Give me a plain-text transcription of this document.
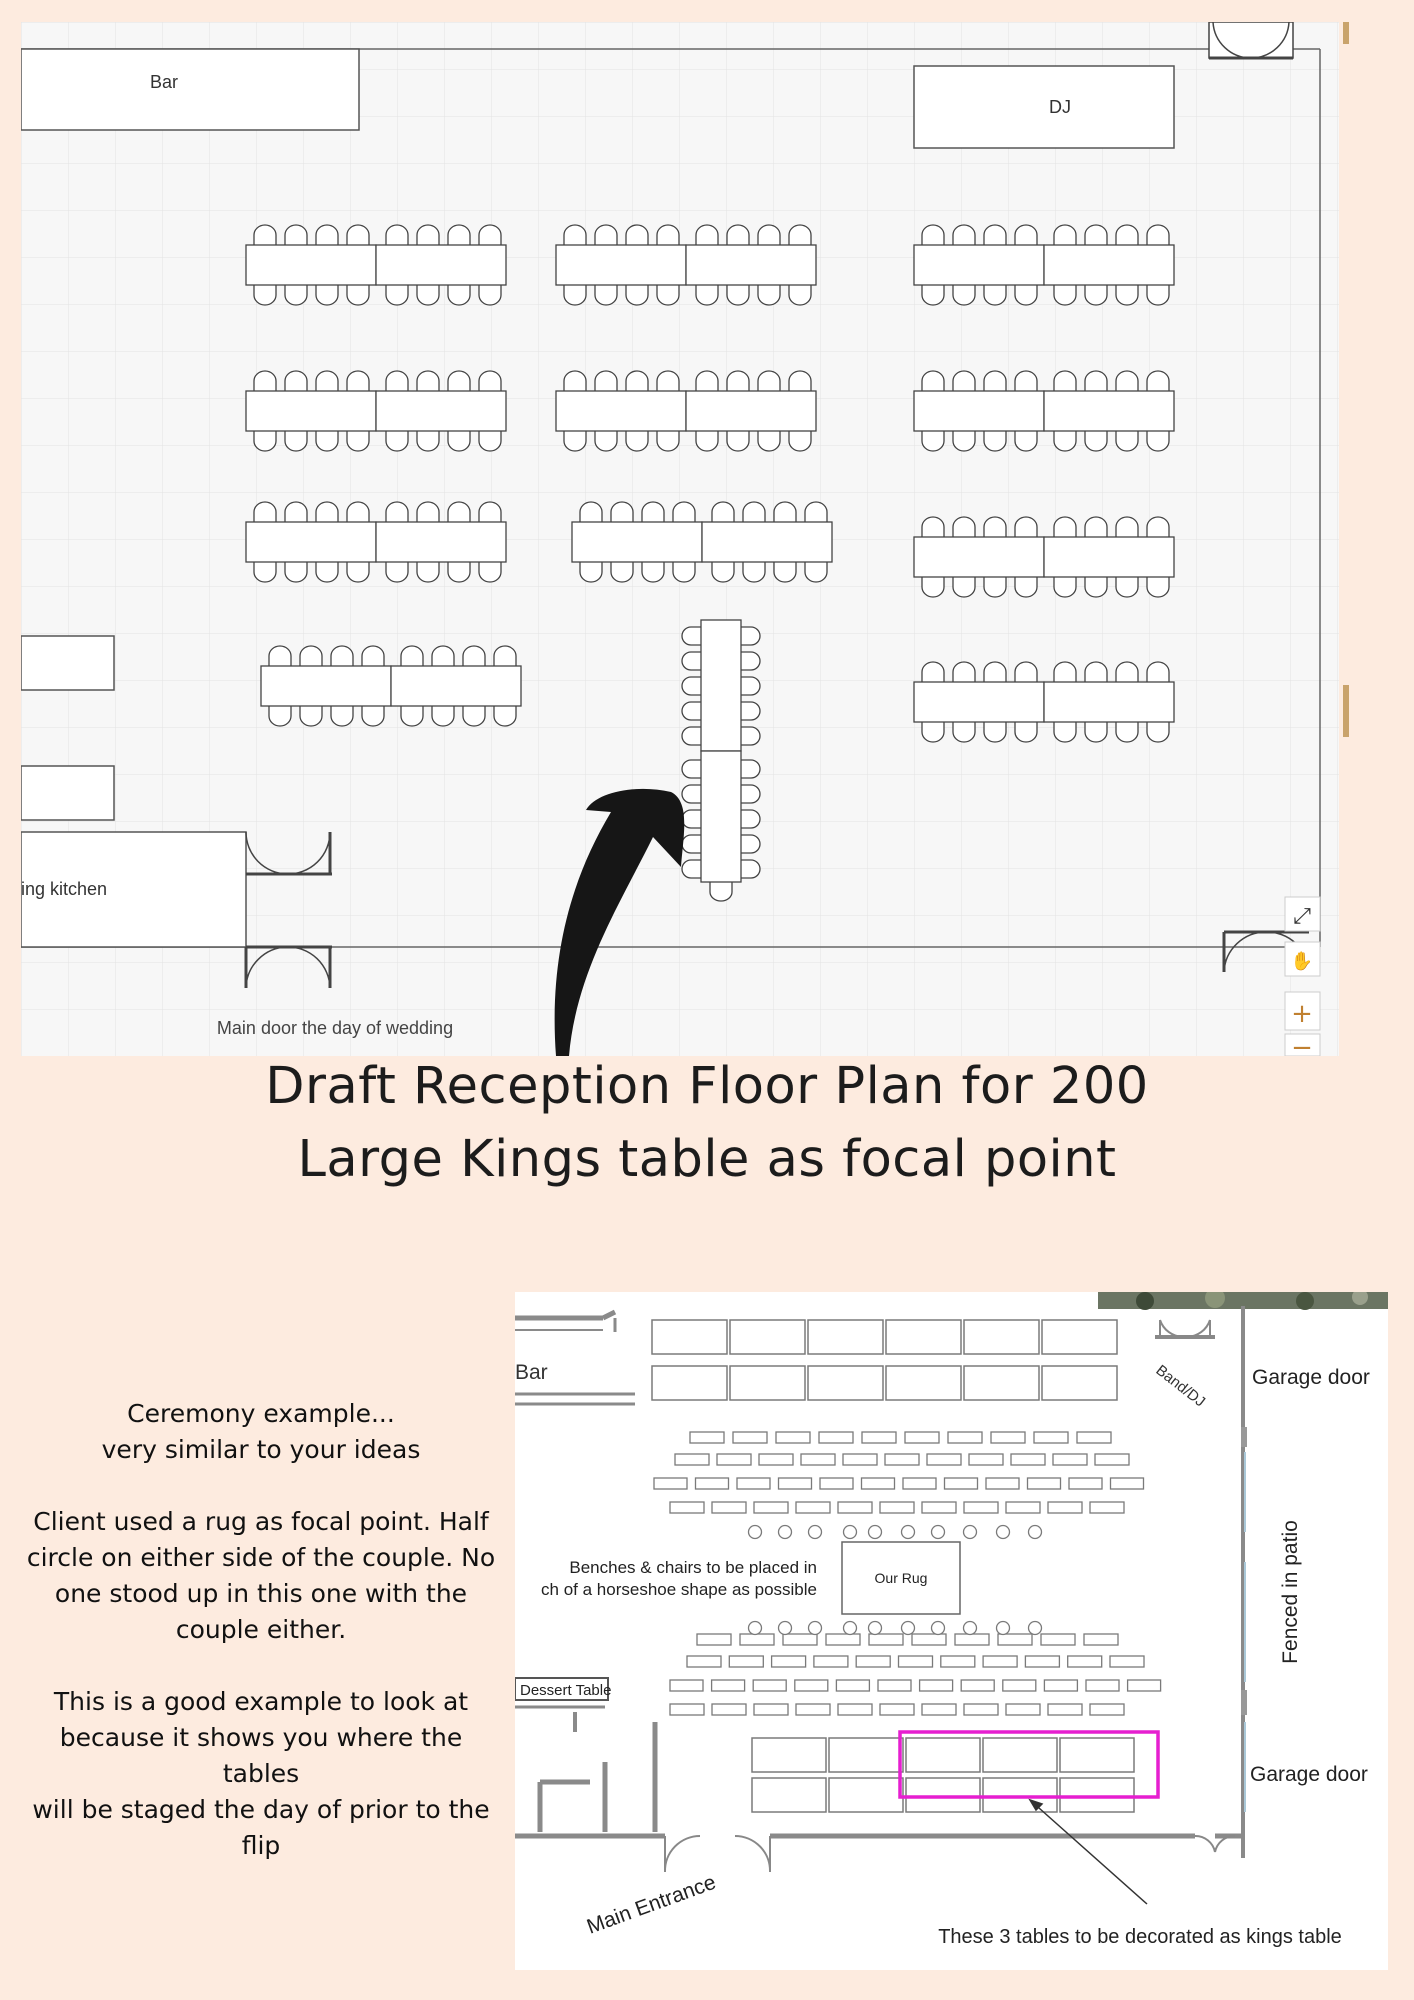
Bar
DJ
ing kitchen
Main door the day of wedding
⤢
✋
+
−
Draft Reception Floor Plan for 200
Large Kings table as focal point

Ceremony example...
very similar to your ideas

Client used a rug as focal point. Half circle on either side of the couple. No one stood up in this one with the couple either.

This is a good example to look at because it shows you where the tables
will be staged the day of prior to the flip

Band/DJ
Bar	Garage door
Garage door
Fenced in patio
Our Rug
Benches & chairs to be placed in
ch of a horseshoe shape as possible
Dessert Table
Main Entrance	These 3 tables to be decorated as kings table
